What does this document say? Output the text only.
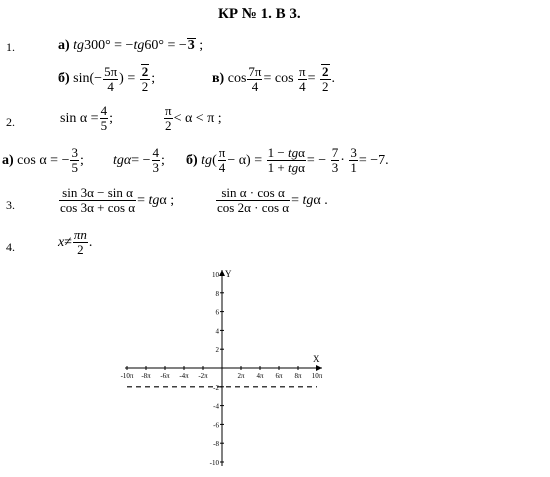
КР № 1. В 3.
1.	а) tg300° = −tg60° = −3 ;
б) $\sin(- \frac{5\pi}{4}$ ) = $\frac{2}{2}$ ;	в) $\cos \frac{7\pi}{4} = \cos \frac{\pi}{4} = \frac{2}{2}$ .
2.	$\sin \alpha = \frac{4}{5}$ ;	$\frac{\pi}{2} < \alpha < \pi$ ;
а) cos α = − $\frac{3}{5}$ ; $tg\alpha= - \frac{4}{3}$ ; б) $tg( \frac{\pi}{4} - \alpha) = \frac{\text{1 − tgα}}{\text{1 + tgα}}$ = − $\frac{7}{3} \cdot \frac{3}{1} = -7$.
3.	$\frac{\text{sin 3α − sin α}}{\text{cos 3α + cos α}} = tg\alpha$ ;	$\frac{\text{sin α · cos α}}{\text{cos 2α · cos α}} = tg\alpha$ .
4.	$x\ne \frac{\pi n}{2}$ .
X
Y
-10π -8π -6π -4π -2π	2π 4π 6π 8π 10π
10
8
6
4
2
-2
-4
-6
-8
-10
